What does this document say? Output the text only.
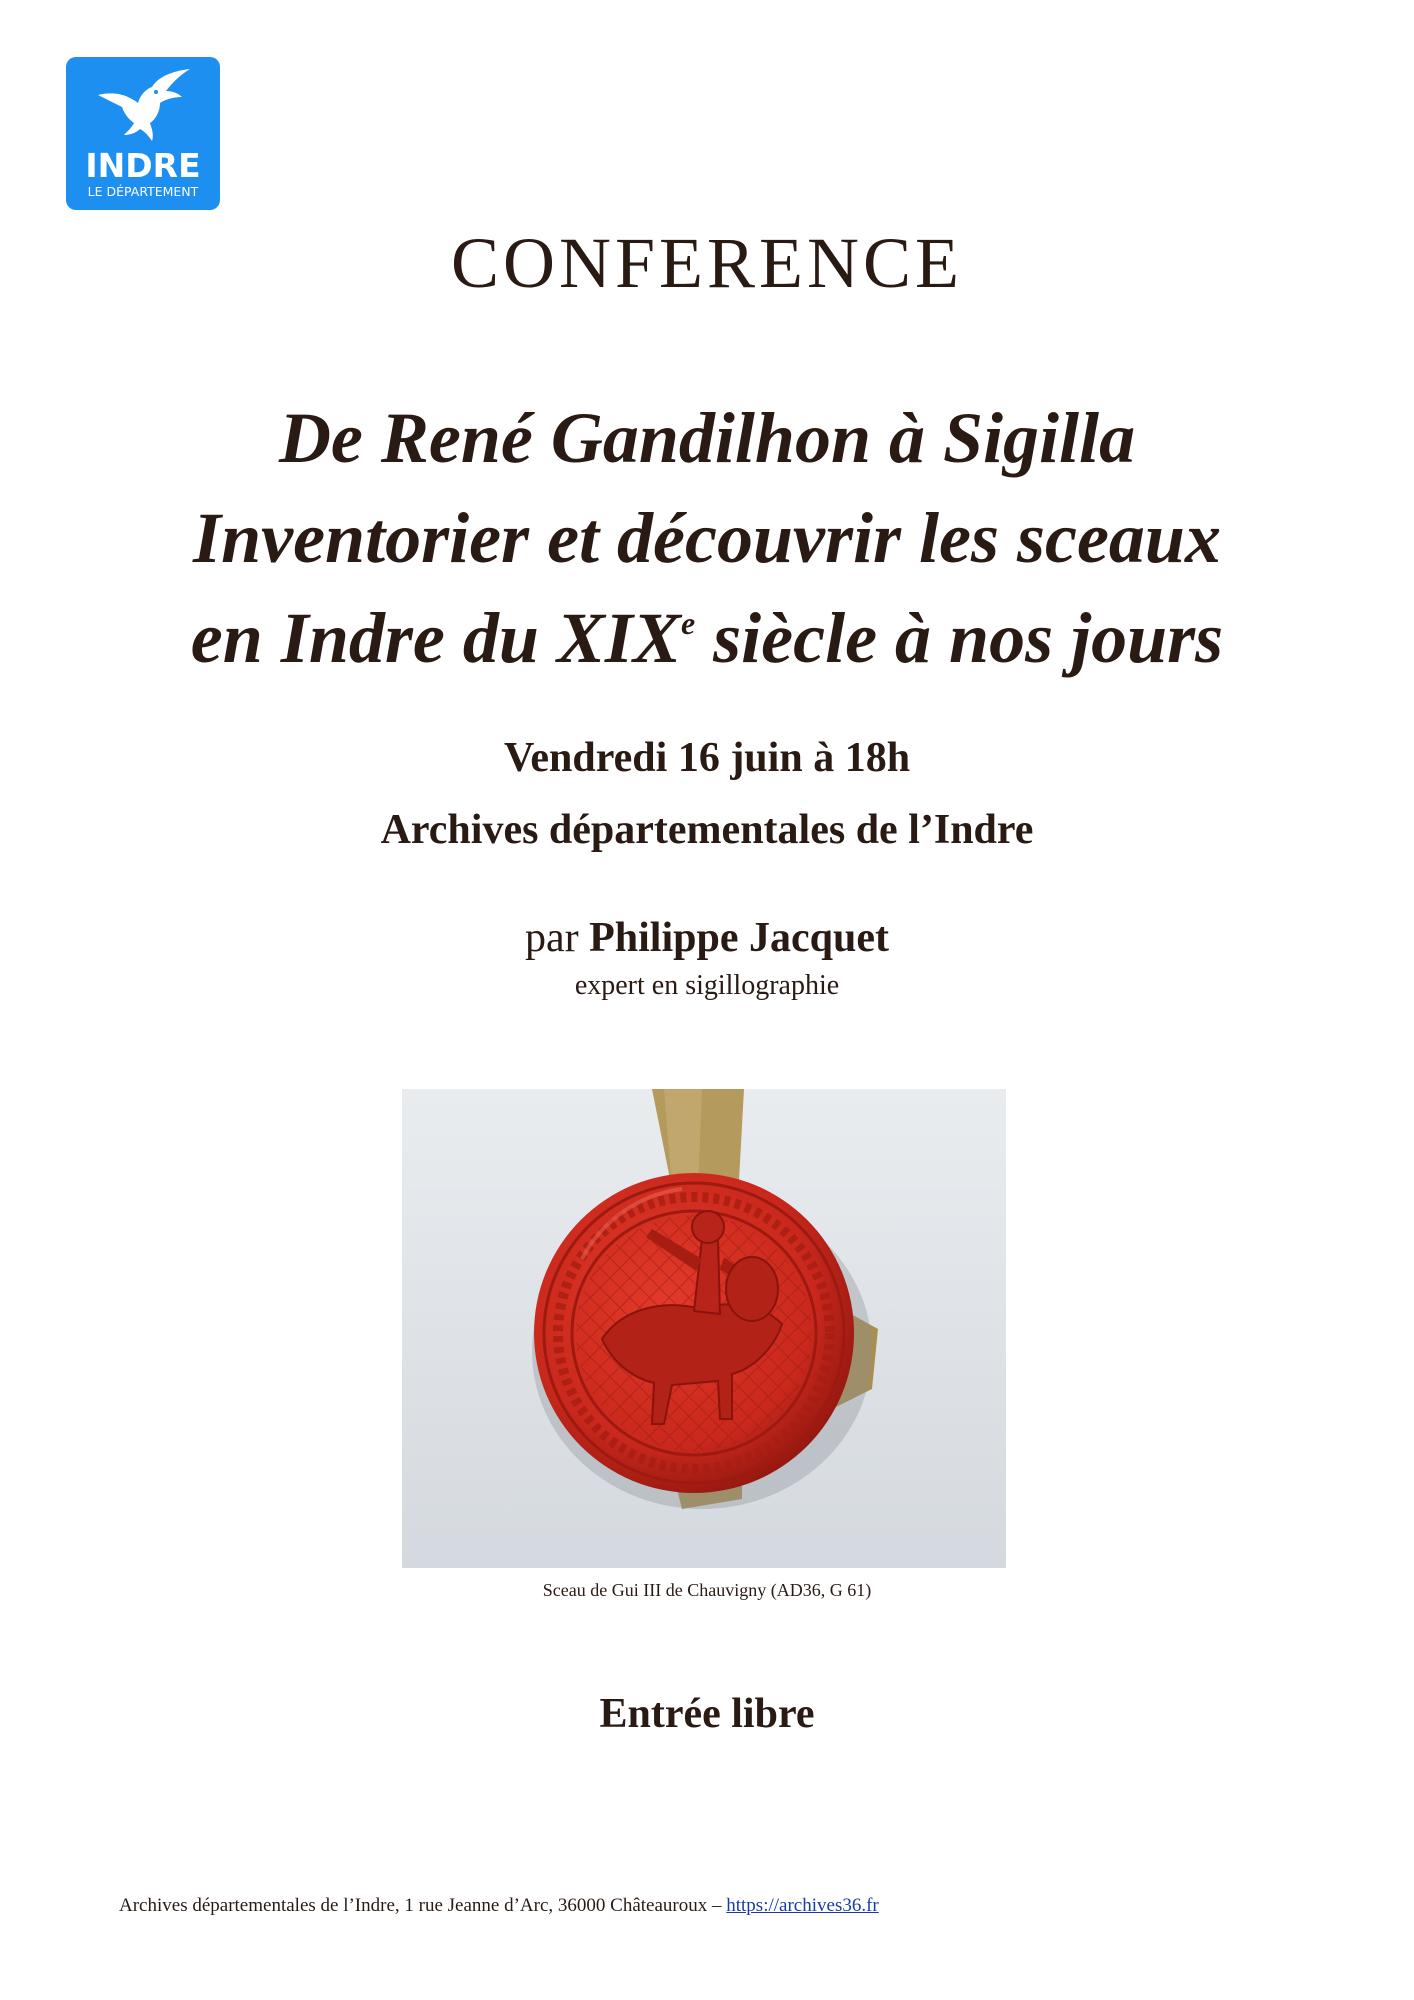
INDRE
LE DÉPARTEMENT
CONFERENCE
De René Gandilhon à Sigilla
Inventorier et découvrir les sceaux
en Indre du XIXe siècle à nos jours
Vendredi 16 juin à 18h
Archives départementales de l’Indre
par Philippe Jacquet
expert en sigillographie
Sceau de Gui III de Chauvigny (AD36, G 61)
Entrée libre
Archives départementales de l’Indre, 1 rue Jeanne d’Arc, 36000 Châteauroux – https://archives36.fr
